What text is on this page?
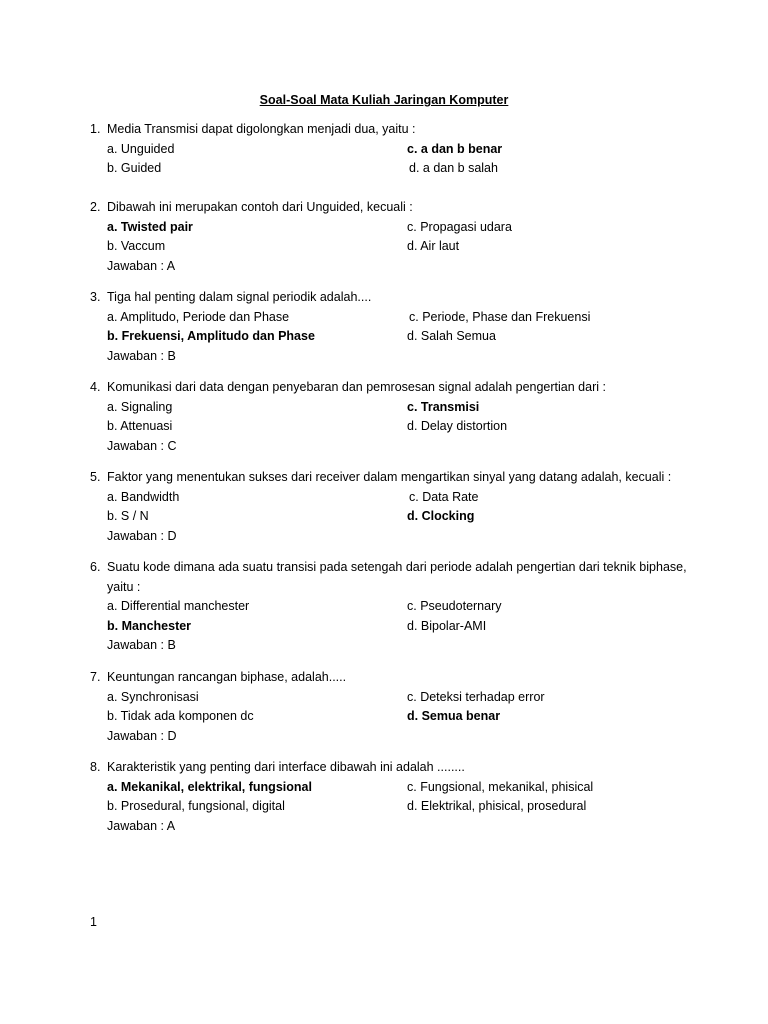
Soal-Soal Mata Kuliah Jaringan Komputer
1. Media Transmisi dapat digolongkan menjadi dua, yaitu :
a. Unguided	c. a dan b benar
b. Guided	d. a dan b salah
2. Dibawah ini merupakan contoh dari Unguided, kecuali :
a. Twisted pair	c. Propagasi udara
b. Vaccum	d. Air laut
Jawaban : A
3. Tiga hal penting dalam signal periodik adalah....
a. Amplitudo, Periode dan Phase	c. Periode, Phase dan Frekuensi
b. Frekuensi, Amplitudo dan Phase	d. Salah Semua
Jawaban : B
4. Komunikasi dari data dengan penyebaran dan pemrosesan signal adalah pengertian dari :
a. Signaling	c. Transmisi
b. Attenuasi	d. Delay distortion
Jawaban : C
5. Faktor yang menentukan sukses dari receiver dalam mengartikan sinyal yang datang adalah, kecuali :
a. Bandwidth	c. Data Rate
b. S / N	d. Clocking
Jawaban : D
6. Suatu kode dimana ada suatu transisi pada setengah dari periode adalah pengertian dari teknik biphase, yaitu :
a. Differential manchester	c. Pseudoternary
b. Manchester	d. Bipolar-AMI
Jawaban : B
7. Keuntungan rancangan biphase, adalah.....
a. Synchronisasi	c. Deteksi terhadap error
b. Tidak ada komponen dc	d. Semua benar
Jawaban : D
8. Karakteristik yang penting dari interface dibawah ini adalah ........
a. Mekanikal, elektrikal, fungsional	c. Fungsional, mekanikal, phisical
b. Prosedural, fungsional, digital	d. Elektrikal, phisical, prosedural
Jawaban : A
1
